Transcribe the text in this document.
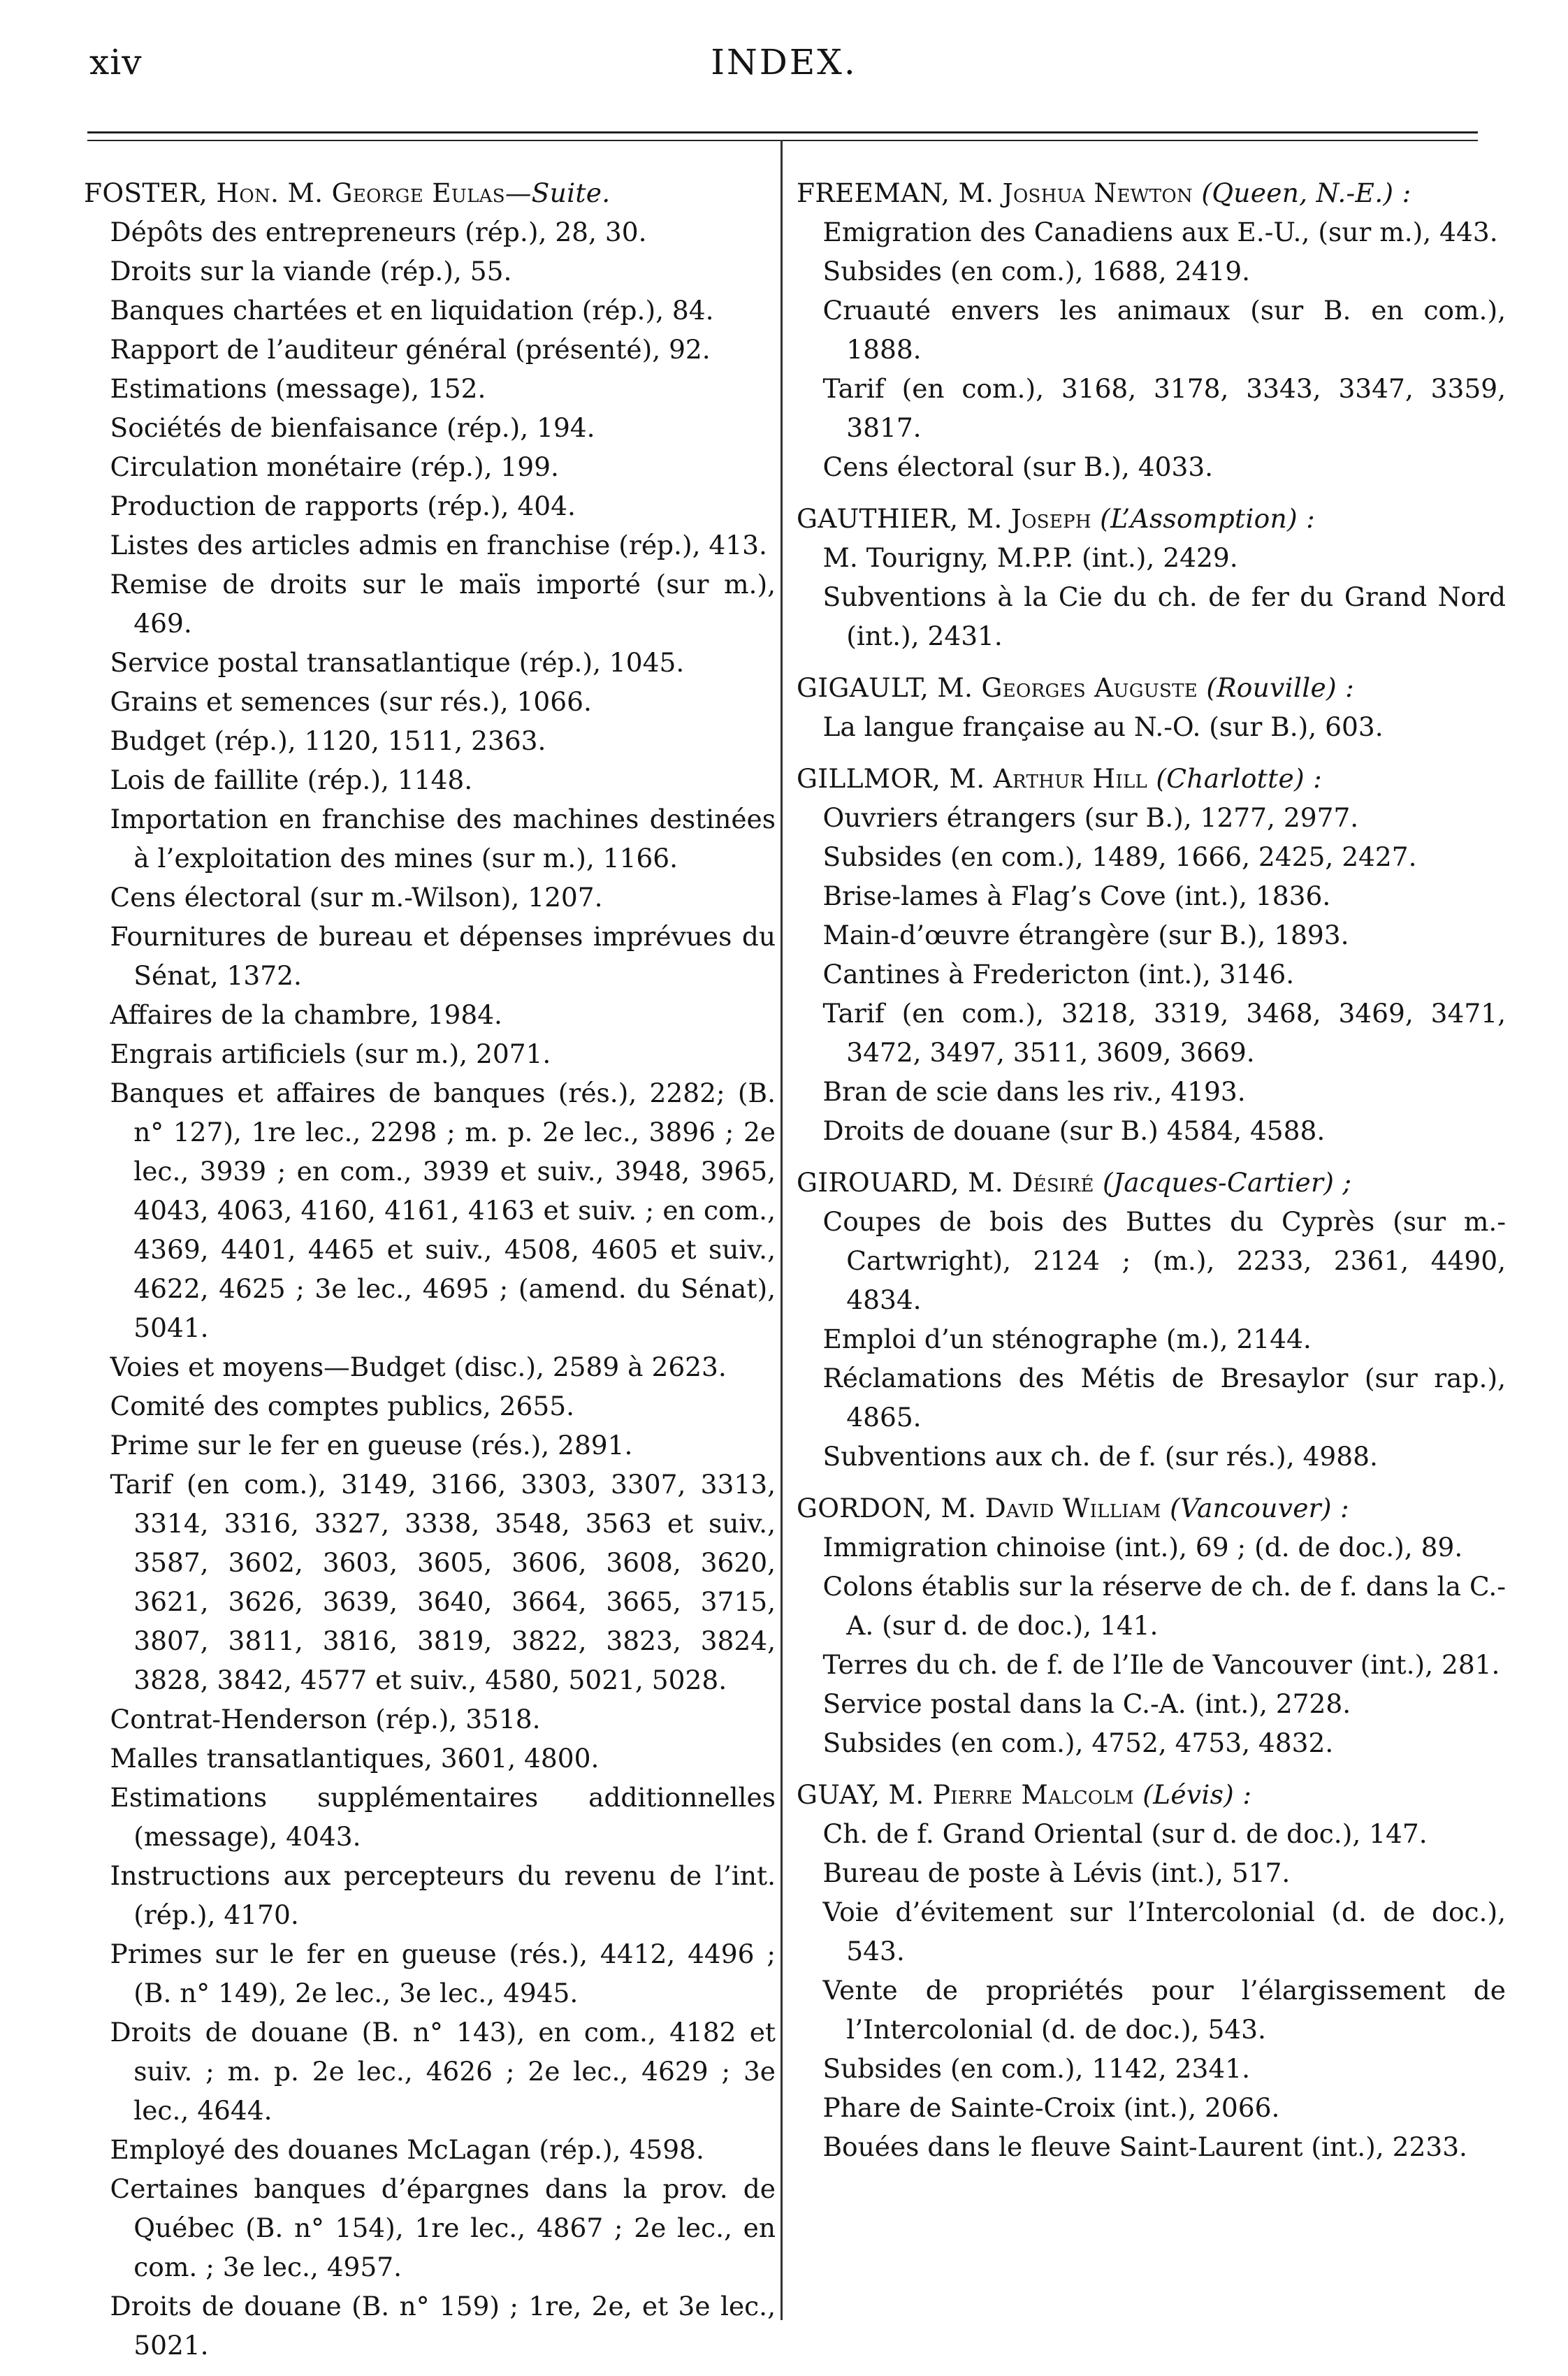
xiv	INDEX.
FOSTER, Hon. M. George Eulas—Suite.
Dépôts des entrepreneurs (rép.), 28, 30.
Droits sur la viande (rép.), 55.
Banques chartées et en liquidation (rép.), 84.
Rapport de l’auditeur général (présenté), 92.
Estimations (message), 152.
Sociétés de bienfaisance (rép.), 194.
Circulation monétaire (rép.), 199.
Production de rapports (rép.), 404.
Listes des articles admis en franchise (rép.), 413.
Remise de droits sur le maïs importé (sur m.), 469.
Service postal transatlantique (rép.), 1045.
Grains et semences (sur rés.), 1066.
Budget (rép.), 1120, 1511, 2363.
Lois de faillite (rép.), 1148.
Importation en franchise des machines destinées à l’exploitation des mines (sur m.), 1166.
Cens électoral (sur m.-Wilson), 1207.
Fournitures de bureau et dépenses imprévues du Sénat, 1372.
Affaires de la chambre, 1984.
Engrais artificiels (sur m.), 2071.
Banques et affaires de banques (rés.), 2282; (B. n° 127), 1re lec., 2298 ; m. p. 2e lec., 3896 ; 2e lec., 3939 ; en com., 3939 et suiv., 3948, 3965, 4043, 4063, 4160, 4161, 4163 et suiv. ; en com., 4369, 4401, 4465 et suiv., 4508, 4605 et suiv., 4622, 4625 ; 3e lec., 4695 ; (amend. du Sénat), 5041.
Voies et moyens—Budget (disc.), 2589 à 2623.
Comité des comptes publics, 2655.
Prime sur le fer en gueuse (rés.), 2891.
Tarif (en com.), 3149, 3166, 3303, 3307, 3313, 3314, 3316, 3327, 3338, 3548, 3563 et suiv., 3587, 3602, 3603, 3605, 3606, 3608, 3620, 3621, 3626, 3639, 3640, 3664, 3665, 3715, 3807, 3811, 3816, 3819, 3822, 3823, 3824, 3828, 3842, 4577 et suiv., 4580, 5021, 5028.
Contrat-Henderson (rép.), 3518.
Malles transatlantiques, 3601, 4800.
Estimations supplémentaires additionnelles (message), 4043.
Instructions aux percepteurs du revenu de l’int. (rép.), 4170.
Primes sur le fer en gueuse (rés.), 4412, 4496 ; (B. n° 149), 2e lec., 3e lec., 4945.
Droits de douane (B. n° 143), en com., 4182 et suiv. ; m. p. 2e lec., 4626 ; 2e lec., 4629 ; 3e lec., 4644.
Employé des douanes McLagan (rép.), 4598.
Certaines banques d’épargnes dans la prov. de Québec (B. n° 154), 1re lec., 4867 ; 2e lec., en com. ; 3e lec., 4957.
Droits de douane (B. n° 159) ; 1re, 2e, et 3e lec., 5021.
FREEMAN, M. Joshua Newton (Queen, N.-E.) :
Emigration des Canadiens aux E.-U., (sur m.), 443.
Subsides (en com.), 1688, 2419.
Cruauté envers les animaux (sur B. en com.), 1888.
Tarif (en com.), 3168, 3178, 3343, 3347, 3359, 3817.
Cens électoral (sur B.), 4033.
GAUTHIER, M. Joseph (L’Assomption) :
M. Tourigny, M.P.P. (int.), 2429.
Subventions à la Cie du ch. de fer du Grand Nord (int.), 2431.
GIGAULT, M. Georges Auguste (Rouville) :
La langue française au N.-O. (sur B.), 603.
GILLMOR, M. Arthur Hill (Charlotte) :
Ouvriers étrangers (sur B.), 1277, 2977.
Subsides (en com.), 1489, 1666, 2425, 2427.
Brise-lames à Flag’s Cove (int.), 1836.
Main-d’œuvre étrangère (sur B.), 1893.
Cantines à Fredericton (int.), 3146.
Tarif (en com.), 3218, 3319, 3468, 3469, 3471, 3472, 3497, 3511, 3609, 3669.
Bran de scie dans les riv., 4193.
Droits de douane (sur B.) 4584, 4588.
GIROUARD, M. Désiré (Jacques-Cartier) ;
Coupes de bois des Buttes du Cyprès (sur m.-Cartwright), 2124 ; (m.), 2233, 2361, 4490, 4834.
Emploi d’un sténographe (m.), 2144.
Réclamations des Métis de Bresaylor (sur rap.), 4865.
Subventions aux ch. de f. (sur rés.), 4988.
GORDON, M. David William (Vancouver) :
Immigration chinoise (int.), 69 ; (d. de doc.), 89.
Colons établis sur la réserve de ch. de f. dans la C.-A. (sur d. de doc.), 141.
Terres du ch. de f. de l’Ile de Vancouver (int.), 281.
Service postal dans la C.-A. (int.), 2728.
Subsides (en com.), 4752, 4753, 4832.
GUAY, M. Pierre Malcolm (Lévis) :
Ch. de f. Grand Oriental (sur d. de doc.), 147.
Bureau de poste à Lévis (int.), 517.
Voie d’évitement sur l’Intercolonial (d. de doc.), 543.
Vente de propriétés pour l’élargissement de l’Intercolonial (d. de doc.), 543.
Subsides (en com.), 1142, 2341.
Phare de Sainte-Croix (int.), 2066.
Bouées dans le fleuve Saint-Laurent (int.), 2233.
